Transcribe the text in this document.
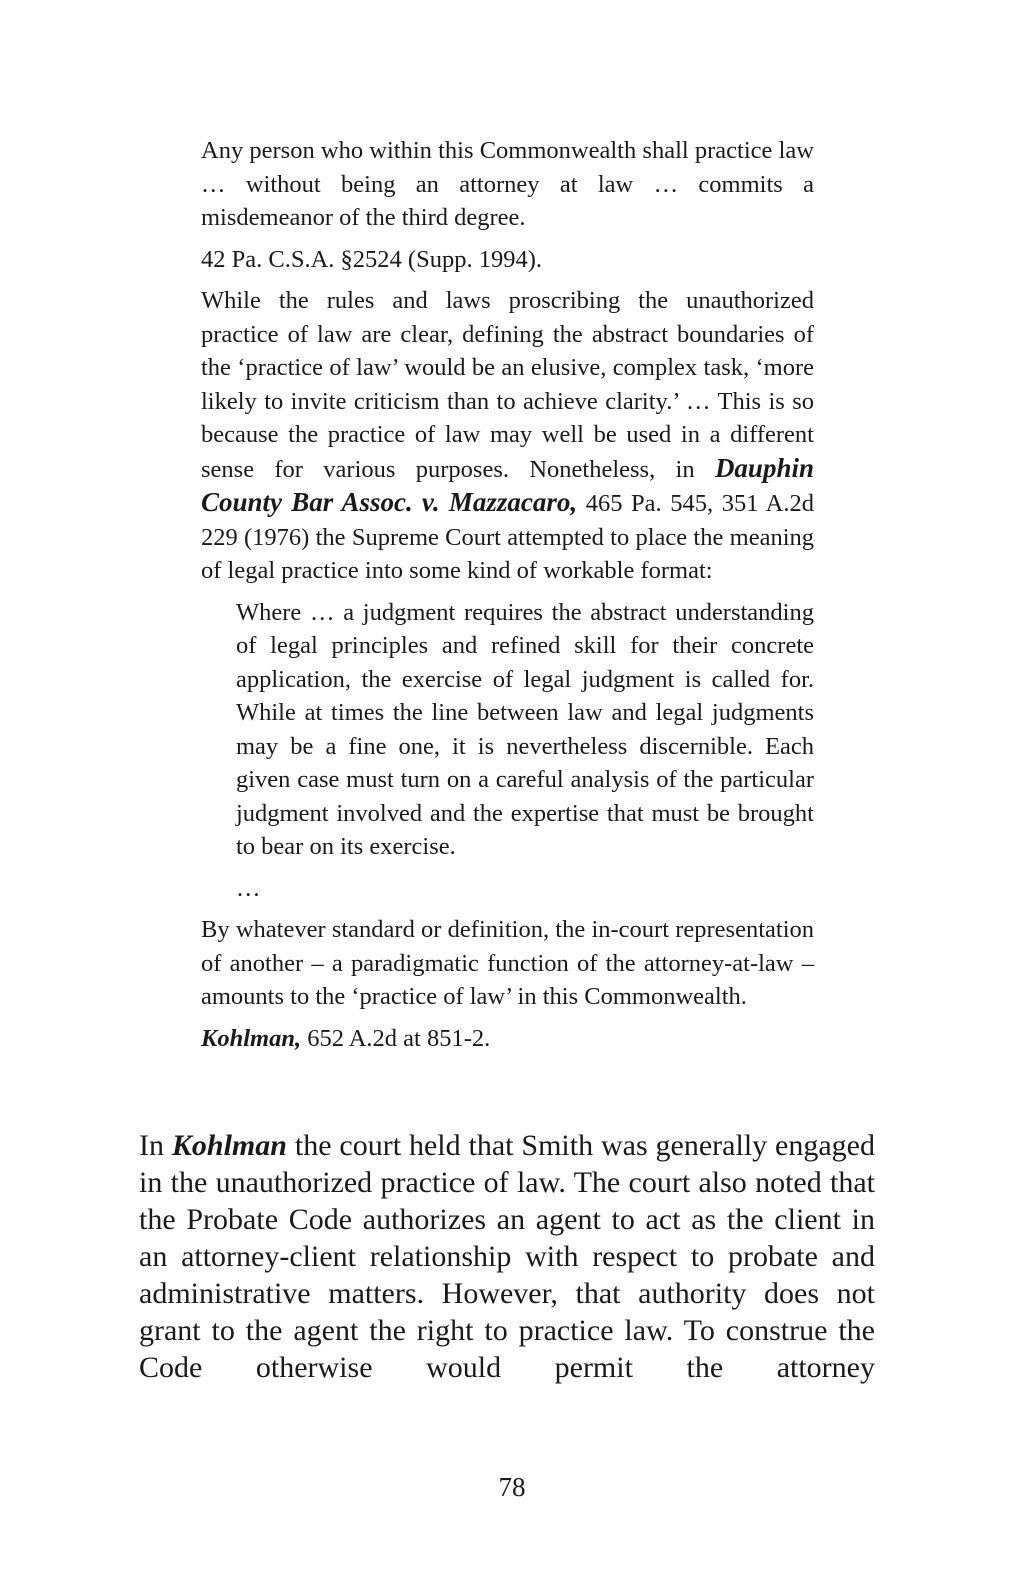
Any person who within this Commonwealth shall practice law … without being an attorney at law … commits a misdemeanor of the third degree.

42 Pa. C.S.A. §2524 (Supp. 1994).

While the rules and laws proscribing the unauthorized practice of law are clear, defining the abstract boundaries of the ‘practice of law’ would be an elusive, complex task, ‘more likely to invite criticism than to achieve clarity.’ … This is so because the practice of law may well be used in a different sense for various purposes. Nonetheless, in Dauphin County Bar Assoc. v. Mazzacaro, 465 Pa. 545, 351 A.2d 229 (1976) the Supreme Court attempted to place the meaning of legal practice into some kind of workable format:

Where … a judgment requires the abstract understanding of legal principles and refined skill for their concrete application, the exercise of legal judgment is called for. While at times the line between law and legal judgments may be a fine one, it is nevertheless discernible. Each given case must turn on a careful analysis of the particular judgment involved and the expertise that must be brought to bear on its exercise.

…

By whatever standard or definition, the in-court representation of another – a paradigmatic function of the attorney-at-law – amounts to the ‘practice of law’ in this Commonwealth.

Kohlman, 652 A.2d at 851-2.

In Kohlman the court held that Smith was generally engaged in the unauthorized practice of law. The court also noted that the Probate Code authorizes an agent to act as the client in an attorney-client relationship with respect to probate and administrative matters. However, that authority does not grant to the agent the right to practice law. To construe the Code otherwise would permit the attorney

78
